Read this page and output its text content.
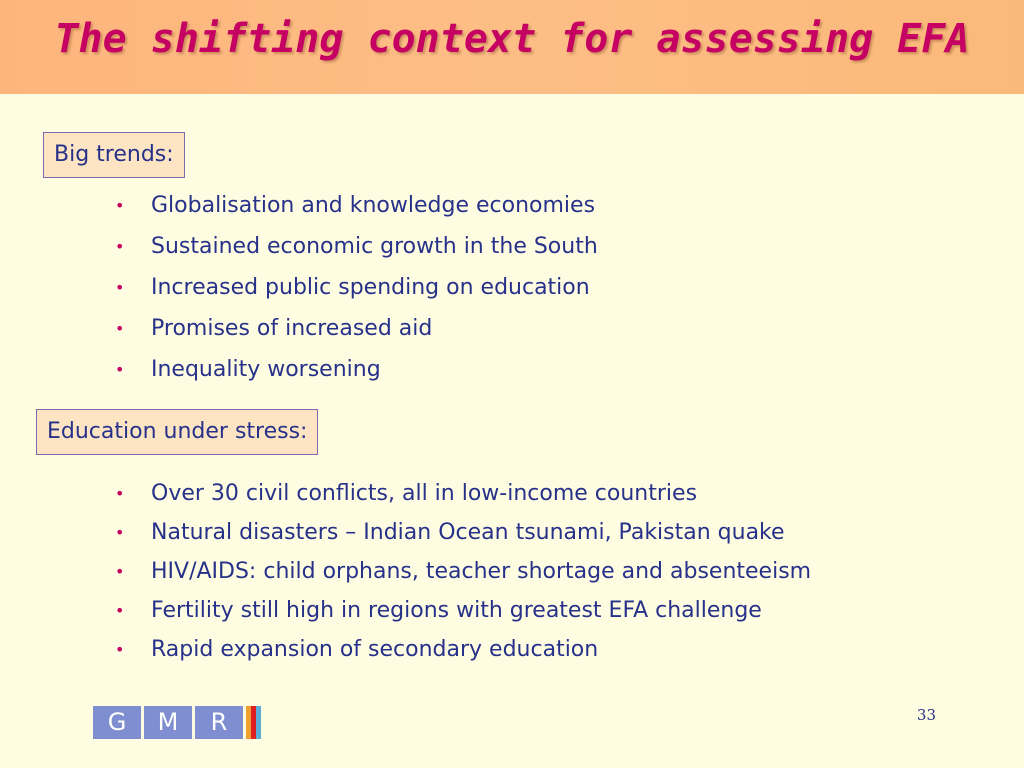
The shifting context for assessing EFA
Big trends:
• Globalisation and knowledge economies
• Sustained economic growth in the South
• Increased public spending on education
• Promises of increased aid
• Inequality worsening
Education under stress:
• Over 30 civil conflicts, all in low-income countries
• Natural disasters – Indian Ocean tsunami, Pakistan quake
• HIV/AIDS: child orphans, teacher shortage and absenteeism
• Fertility still high in regions with greatest EFA challenge
• Rapid expansion of secondary education
G	M	R	33
